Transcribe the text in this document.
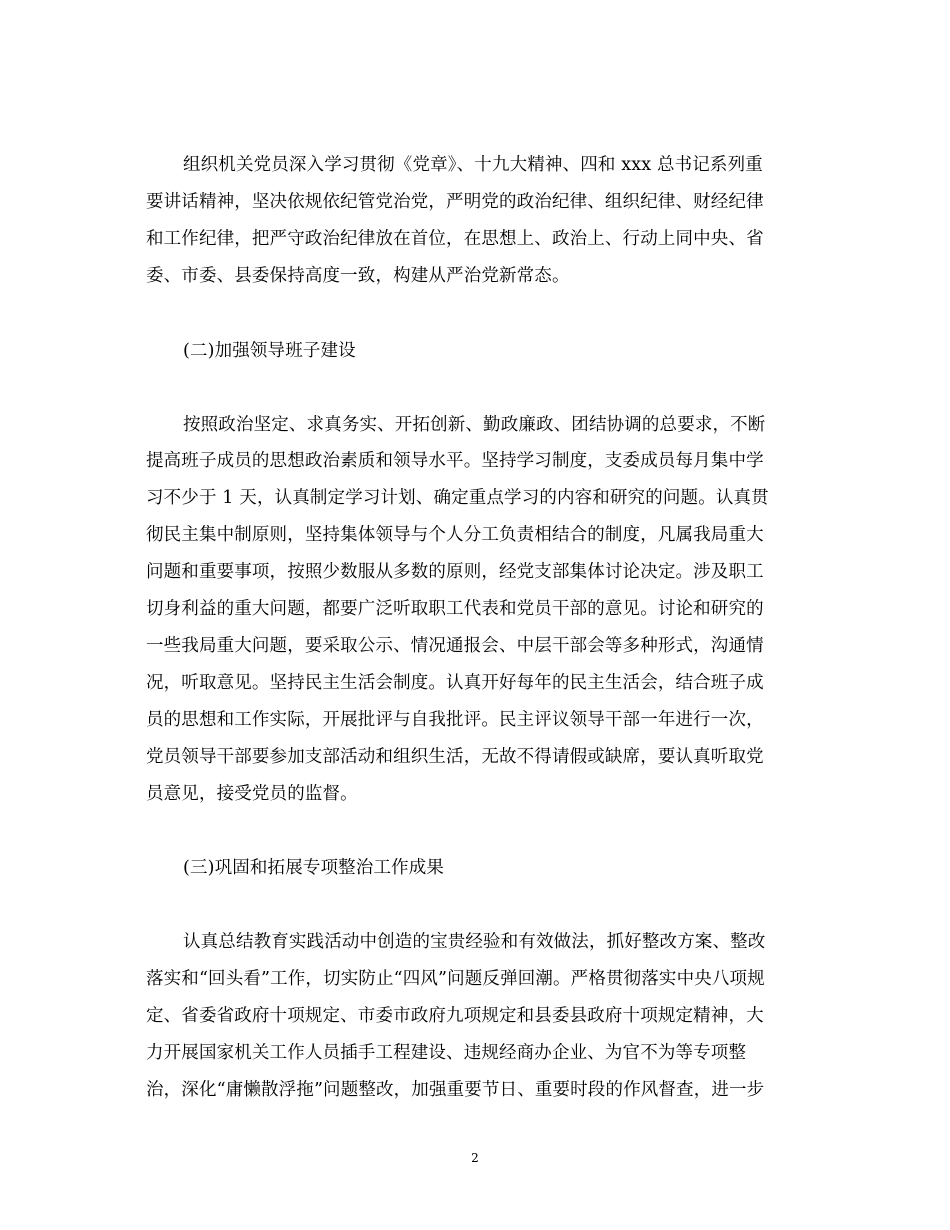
组织机关党员深入学习贯彻《党章》、十九大精神、四和 xxx 总书记系列重
要讲话精神，坚决依规依纪管党治党，严明党的政治纪律、组织纪律、财经纪律
和工作纪律，把严守政治纪律放在首位，在思想上、政治上、行动上同中央、省
委、市委、县委保持高度一致，构建从严治党新常态。
(二)加强领导班子建设
按照政治坚定、求真务实、开拓创新、勤政廉政、团结协调的总要求，不断
提高班子成员的思想政治素质和领导水平。坚持学习制度，支委成员每月集中学
习不少于 1 天，认真制定学习计划、确定重点学习的内容和研究的问题。认真贯
彻民主集中制原则，坚持集体领导与个人分工负责相结合的制度，凡属我局重大
问题和重要事项，按照少数服从多数的原则，经党支部集体讨论决定。涉及职工
切身利益的重大问题，都要广泛听取职工代表和党员干部的意见。讨论和研究的
一些我局重大问题，要采取公示、情况通报会、中层干部会等多种形式，沟通情
况，听取意见。坚持民主生活会制度。认真开好每年的民主生活会，结合班子成
员的思想和工作实际，开展批评与自我批评。民主评议领导干部一年进行一次，
党员领导干部要参加支部活动和组织生活，无故不得请假或缺席，要认真听取党
员意见，接受党员的监督。
(三)巩固和拓展专项整治工作成果
认真总结教育实践活动中创造的宝贵经验和有效做法，抓好整改方案、整改
落实和“回头看”工作，切实防止“四风”问题反弹回潮。严格贯彻落实中央八项规
定、省委省政府十项规定、市委市政府九项规定和县委县政府十项规定精神，大
力开展国家机关工作人员插手工程建设、违规经商办企业、为官不为等专项整
治，深化“庸懒散浮拖”问题整改，加强重要节日、重要时段的作风督查，进一步
2
